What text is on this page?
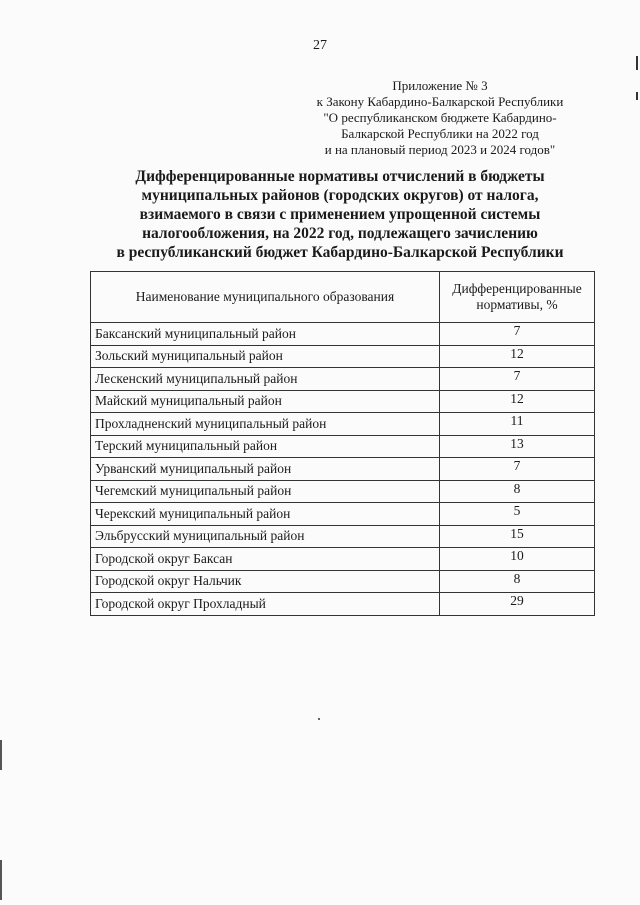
27
Приложение № 3
к Закону Кабардино-Балкарской Республики
"О республиканском бюджете Кабардино-
Балкарской Республики на 2022 год
и на плановый период 2023 и 2024 годов"
Дифференцированные нормативы отчислений в бюджеты
муниципальных районов (городских округов) от налога,
взимаемого в связи с применением упрощенной системы
налогообложения, на 2022 год, подлежащего зачислению
в республиканский бюджет Кабардино-Балкарской Республики
Наименование муниципального образования	Дифференцированные
нормативы, %
Баксанский муниципальный район	7
Зольский муниципальный район	12
Лескенский муниципальный район	7
Майский муниципальный район	12
Прохладненский муниципальный район	11
Терский муниципальный район	13
Урванский муниципальный район	7
Чегемский муниципальный район	8
Черекский муниципальный район	5
Эльбрусский муниципальный район	15
Городской округ Баксан	10
Городской округ Нальчик	8
Городской округ Прохладный	29
